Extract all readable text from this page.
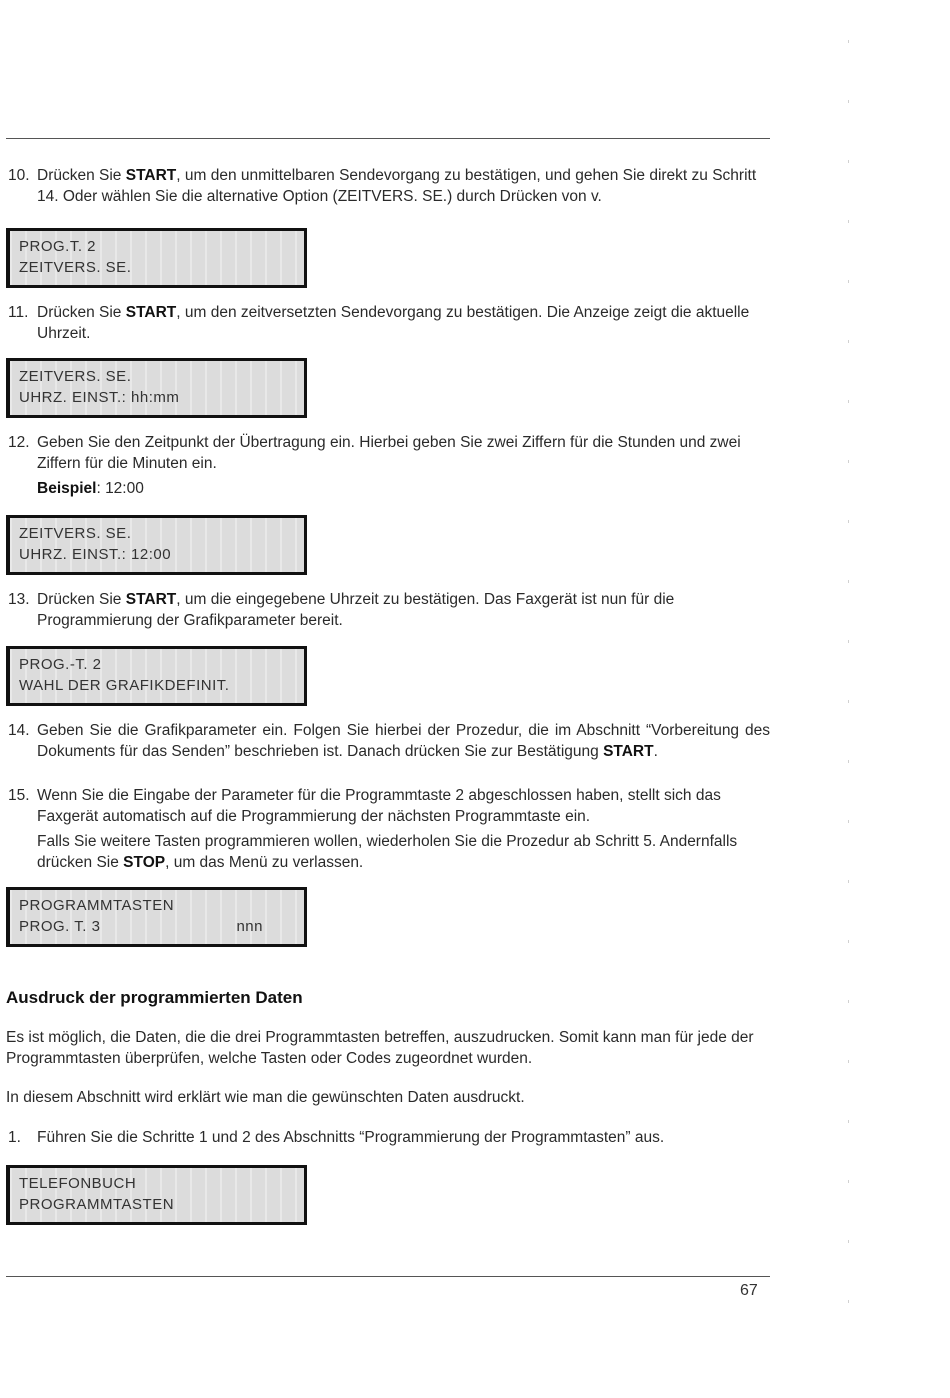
10. Drücken Sie START, um den unmittelbaren Sendevorgang zu bestätigen, und gehen Sie direkt zu Schritt 14. Oder wählen Sie die alternative Option (ZEITVERS. SE.) durch Drücken von v.
PROG.T. 2
ZEITVERS. SE.
11. Drücken Sie START, um den zeitversetzten Sendevorgang zu bestätigen. Die Anzeige zeigt die aktuelle Uhrzeit.
ZEITVERS. SE.
UHRZ. EINST.: hh:mm
12. Geben Sie den Zeitpunkt der Übertragung ein. Hierbei geben Sie zwei Ziffern für die Stunden und zwei Ziffern für die Minuten ein.
Beispiel: 12:00
ZEITVERS. SE.
UHRZ. EINST.: 12:00
13. Drücken Sie START, um die eingegebene Uhrzeit zu bestätigen. Das Faxgerät ist nun für die Programmierung der Grafikparameter bereit.
PROG.-T. 2
WAHL DER GRAFIKDEFINIT.
14. Geben Sie die Grafikparameter ein. Folgen Sie hierbei der Prozedur, die im Abschnitt “Vorbereitung des Dokuments für das Senden” beschrieben ist. Danach drücken Sie zur Bestätigung START.
15. Wenn Sie die Eingabe der Parameter für die Programmtaste 2 abgeschlossen haben, stellt sich das Faxgerät automatisch auf die Programmierung der nächsten Programmtaste ein.
Falls Sie weitere Tasten programmieren wollen, wiederholen Sie die Prozedur ab Schritt 5. Andernfalls drücken Sie STOP, um das Menü zu verlassen.
PROGRAMMTASTEN
PROG. T. 3	nnn
Ausdruck der programmierten Daten
Es ist möglich, die Daten, die die drei Programmtasten betreffen, auszudrucken. Somit kann man für jede der Programmtasten überprüfen, welche Tasten oder Codes zugeordnet wurden.
In diesem Abschnitt wird erklärt wie man die gewünschten Daten ausdruckt.
1.	Führen Sie die Schritte 1 und 2 des Abschnitts “Programmierung der Programmtasten” aus.
TELEFONBUCH
PROGRAMMTASTEN
67
